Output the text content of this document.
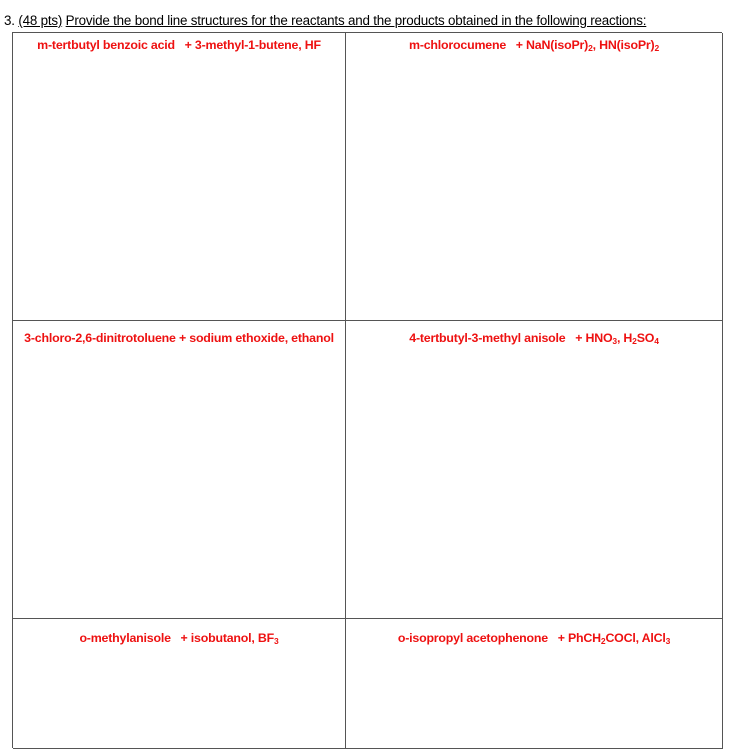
3. (48 pts) Provide the bond line structures for the reactants and the products obtained in the following reactions:
m-tertbutyl benzoic acid + 3-methyl-1-butene, HF	m-chlorocumene + $NaN(isoPr)_2$, $HN(isoPr)_2$
3-chloro-2,6-dinitrotoluene + sodium ethoxide, ethanol	4-tertbutyl-3-methyl anisole + $HNO_3$, $H_2SO_4$
o-methylanisole + isobutanol, $BF_3$	o-isopropyl acetophenone + PhCH$_2$COCl, AlCl$_3$
